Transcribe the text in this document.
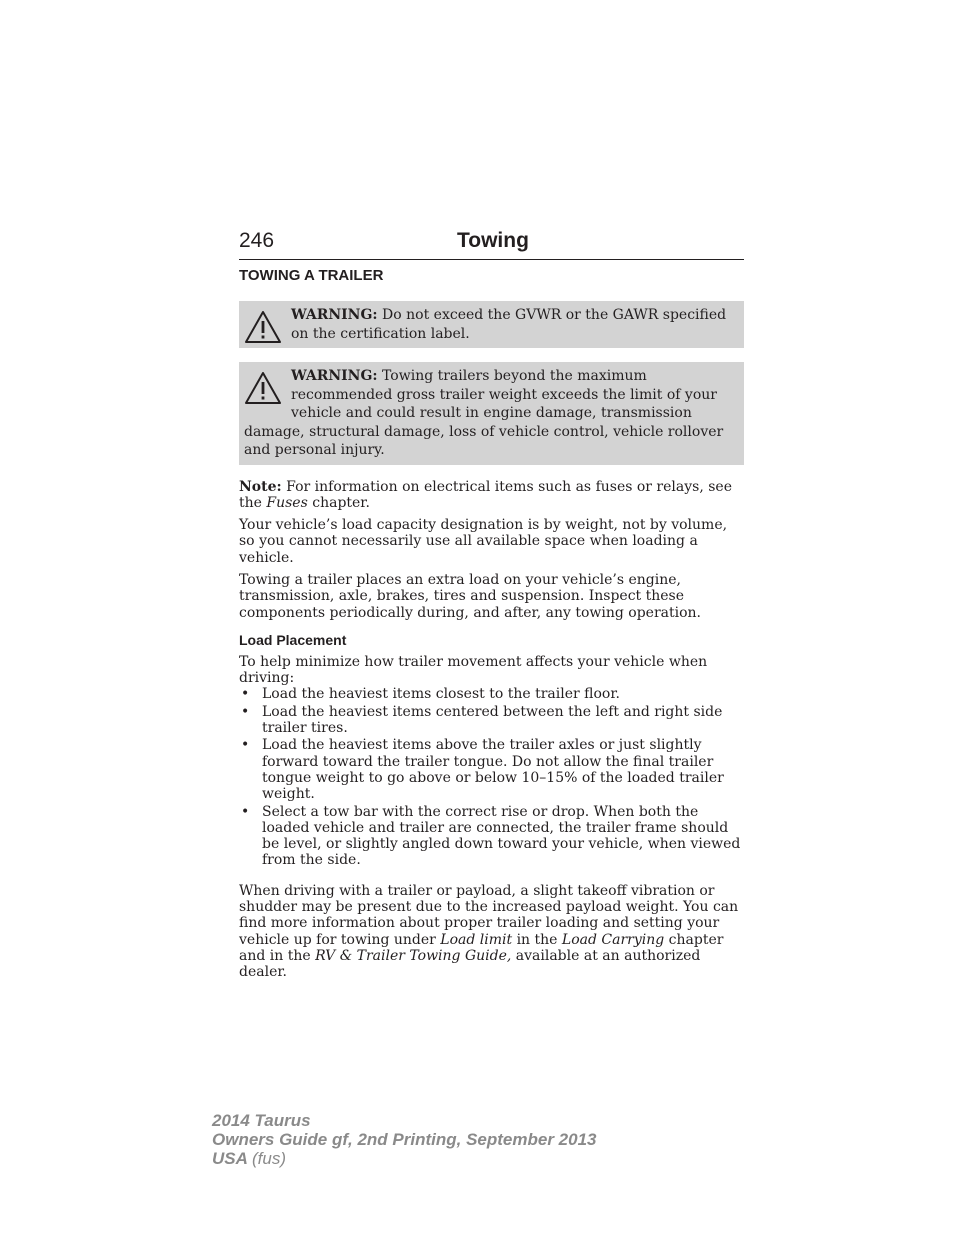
246	Towing
TOWING A TRAILER
WARNING: Do not exceed the GVWR or the GAWR specified on the certification label.
WARNING: Towing trailers beyond the maximum recommended gross trailer weight exceeds the limit of your vehicle and could result in engine damage, transmission damage, structural damage, loss of vehicle control, vehicle rollover and personal injury.

Note: For information on electrical items such as fuses or relays, see the Fuses chapter.

Your vehicle’s load capacity designation is by weight, not by volume, so you cannot necessarily use all available space when loading a vehicle.

Towing a trailer places an extra load on your vehicle’s engine, transmission, axle, brakes, tires and suspension. Inspect these components periodically during, and after, any towing operation.

Load Placement

To help minimize how trailer movement affects your vehicle when driving:

• Load the heaviest items closest to the trailer floor.
• Load the heaviest items centered between the left and right side trailer tires.
• Load the heaviest items above the trailer axles or just slightly forward toward the trailer tongue. Do not allow the final trailer tongue weight to go above or below 10–15% of the loaded trailer weight.
• Select a tow bar with the correct rise or drop. When both the loaded vehicle and trailer are connected, the trailer frame should be level, or slightly angled down toward your vehicle, when viewed from the side.

When driving with a trailer or payload, a slight takeoff vibration or shudder may be present due to the increased payload weight. You can find more information about proper trailer loading and setting your vehicle up for towing under Load limit in the Load Carrying chapter and in the RV & Trailer Towing Guide, available at an authorized dealer.

2014 Taurus
Owners Guide gf, 2nd Printing, September 2013
USA (fus)
